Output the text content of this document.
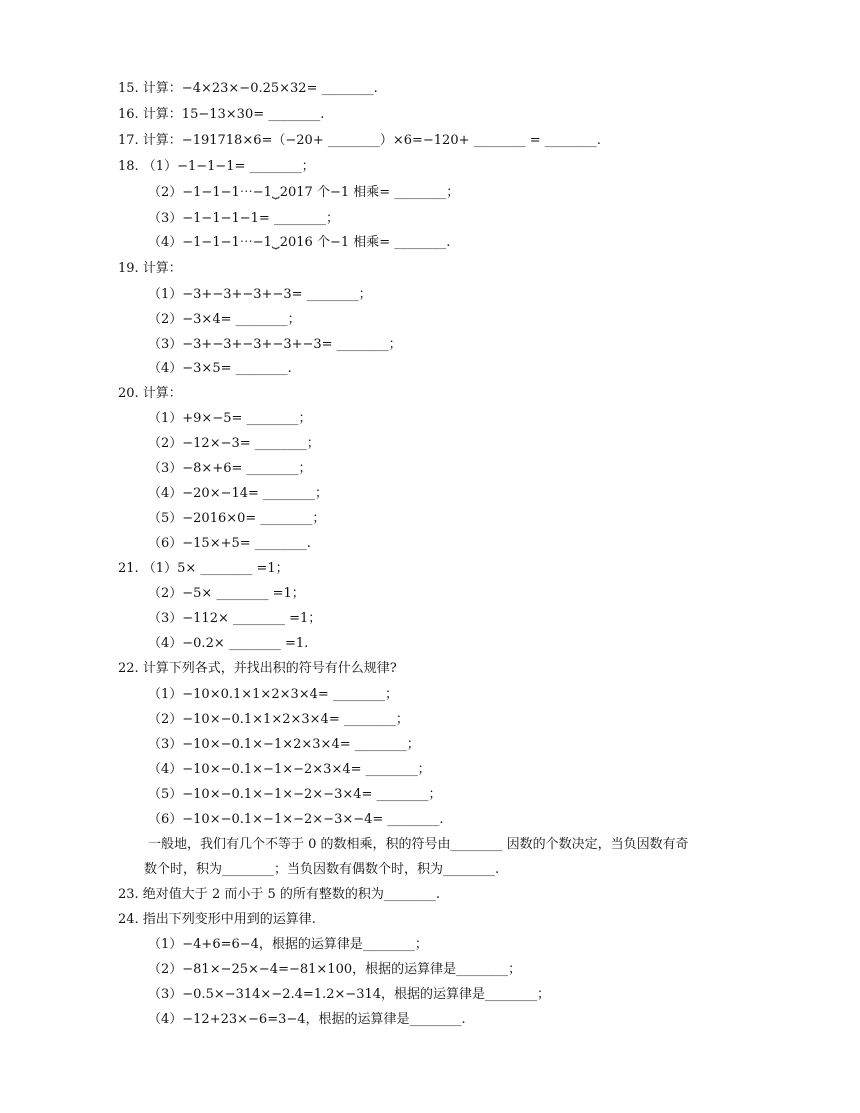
15. 计算：−4×23×−0.25×32= ________.
16. 计算：15−13×30= ________.
17. 计算：−191718×6=（−20+ ________）×6=−120+ ________ = ________.
18. （1）−1−1−1= ________；
（2）−1−1−1⋯−1⏟2017 个−1 相乘= ________；
（3）−1−1−1−1= ________；
（4）−1−1−1⋯−1⏟2016 个−1 相乘= ________.
19. 计算：
（1）−3+−3+−3+−3= ________；
（2）−3×4= ________；
（3）−3+−3+−3+−3+−3= ________；
（4）−3×5= ________.
20. 计算：
（1）+9×−5= ________；
（2）−12×−3= ________；
（3）−8×+6= ________；
（4）−20×−14= ________；
（5）−2016×0= ________；
（6）−15×+5= ________.
21. （1）5× ________ =1；
（2）−5× ________ =1；
（3）−112× ________ =1；
（4）−0.2× ________ =1.
22. 计算下列各式，并找出积的符号有什么规律?
（1）−10×0.1×1×2×3×4= ________；
（2）−10×−0.1×1×2×3×4= ________；
（3）−10×−0.1×−1×2×3×4= ________；
（4）−10×−0.1×−1×−2×3×4= ________；
（5）−10×−0.1×−1×−2×−3×4= ________；
（6）−10×−0.1×−1×−2×−3×−4= ________.
一般地，我们有几个不等于 0 的数相乘，积的符号由________ 因数的个数决定，当负因数有奇
数个时，积为________；当负因数有偶数个时，积为________.
23. 绝对值大于 2 而小于 5 的所有整数的积为________.
24. 指出下列变形中用到的运算律.
（1）−4+6=6−4，根据的运算律是________；
（2）−81×−25×−4=−81×100，根据的运算律是________；
（3）−0.5×−314×−2.4=1.2×−314，根据的运算律是________；
（4）−12+23×−6=3−4，根据的运算律是________.
